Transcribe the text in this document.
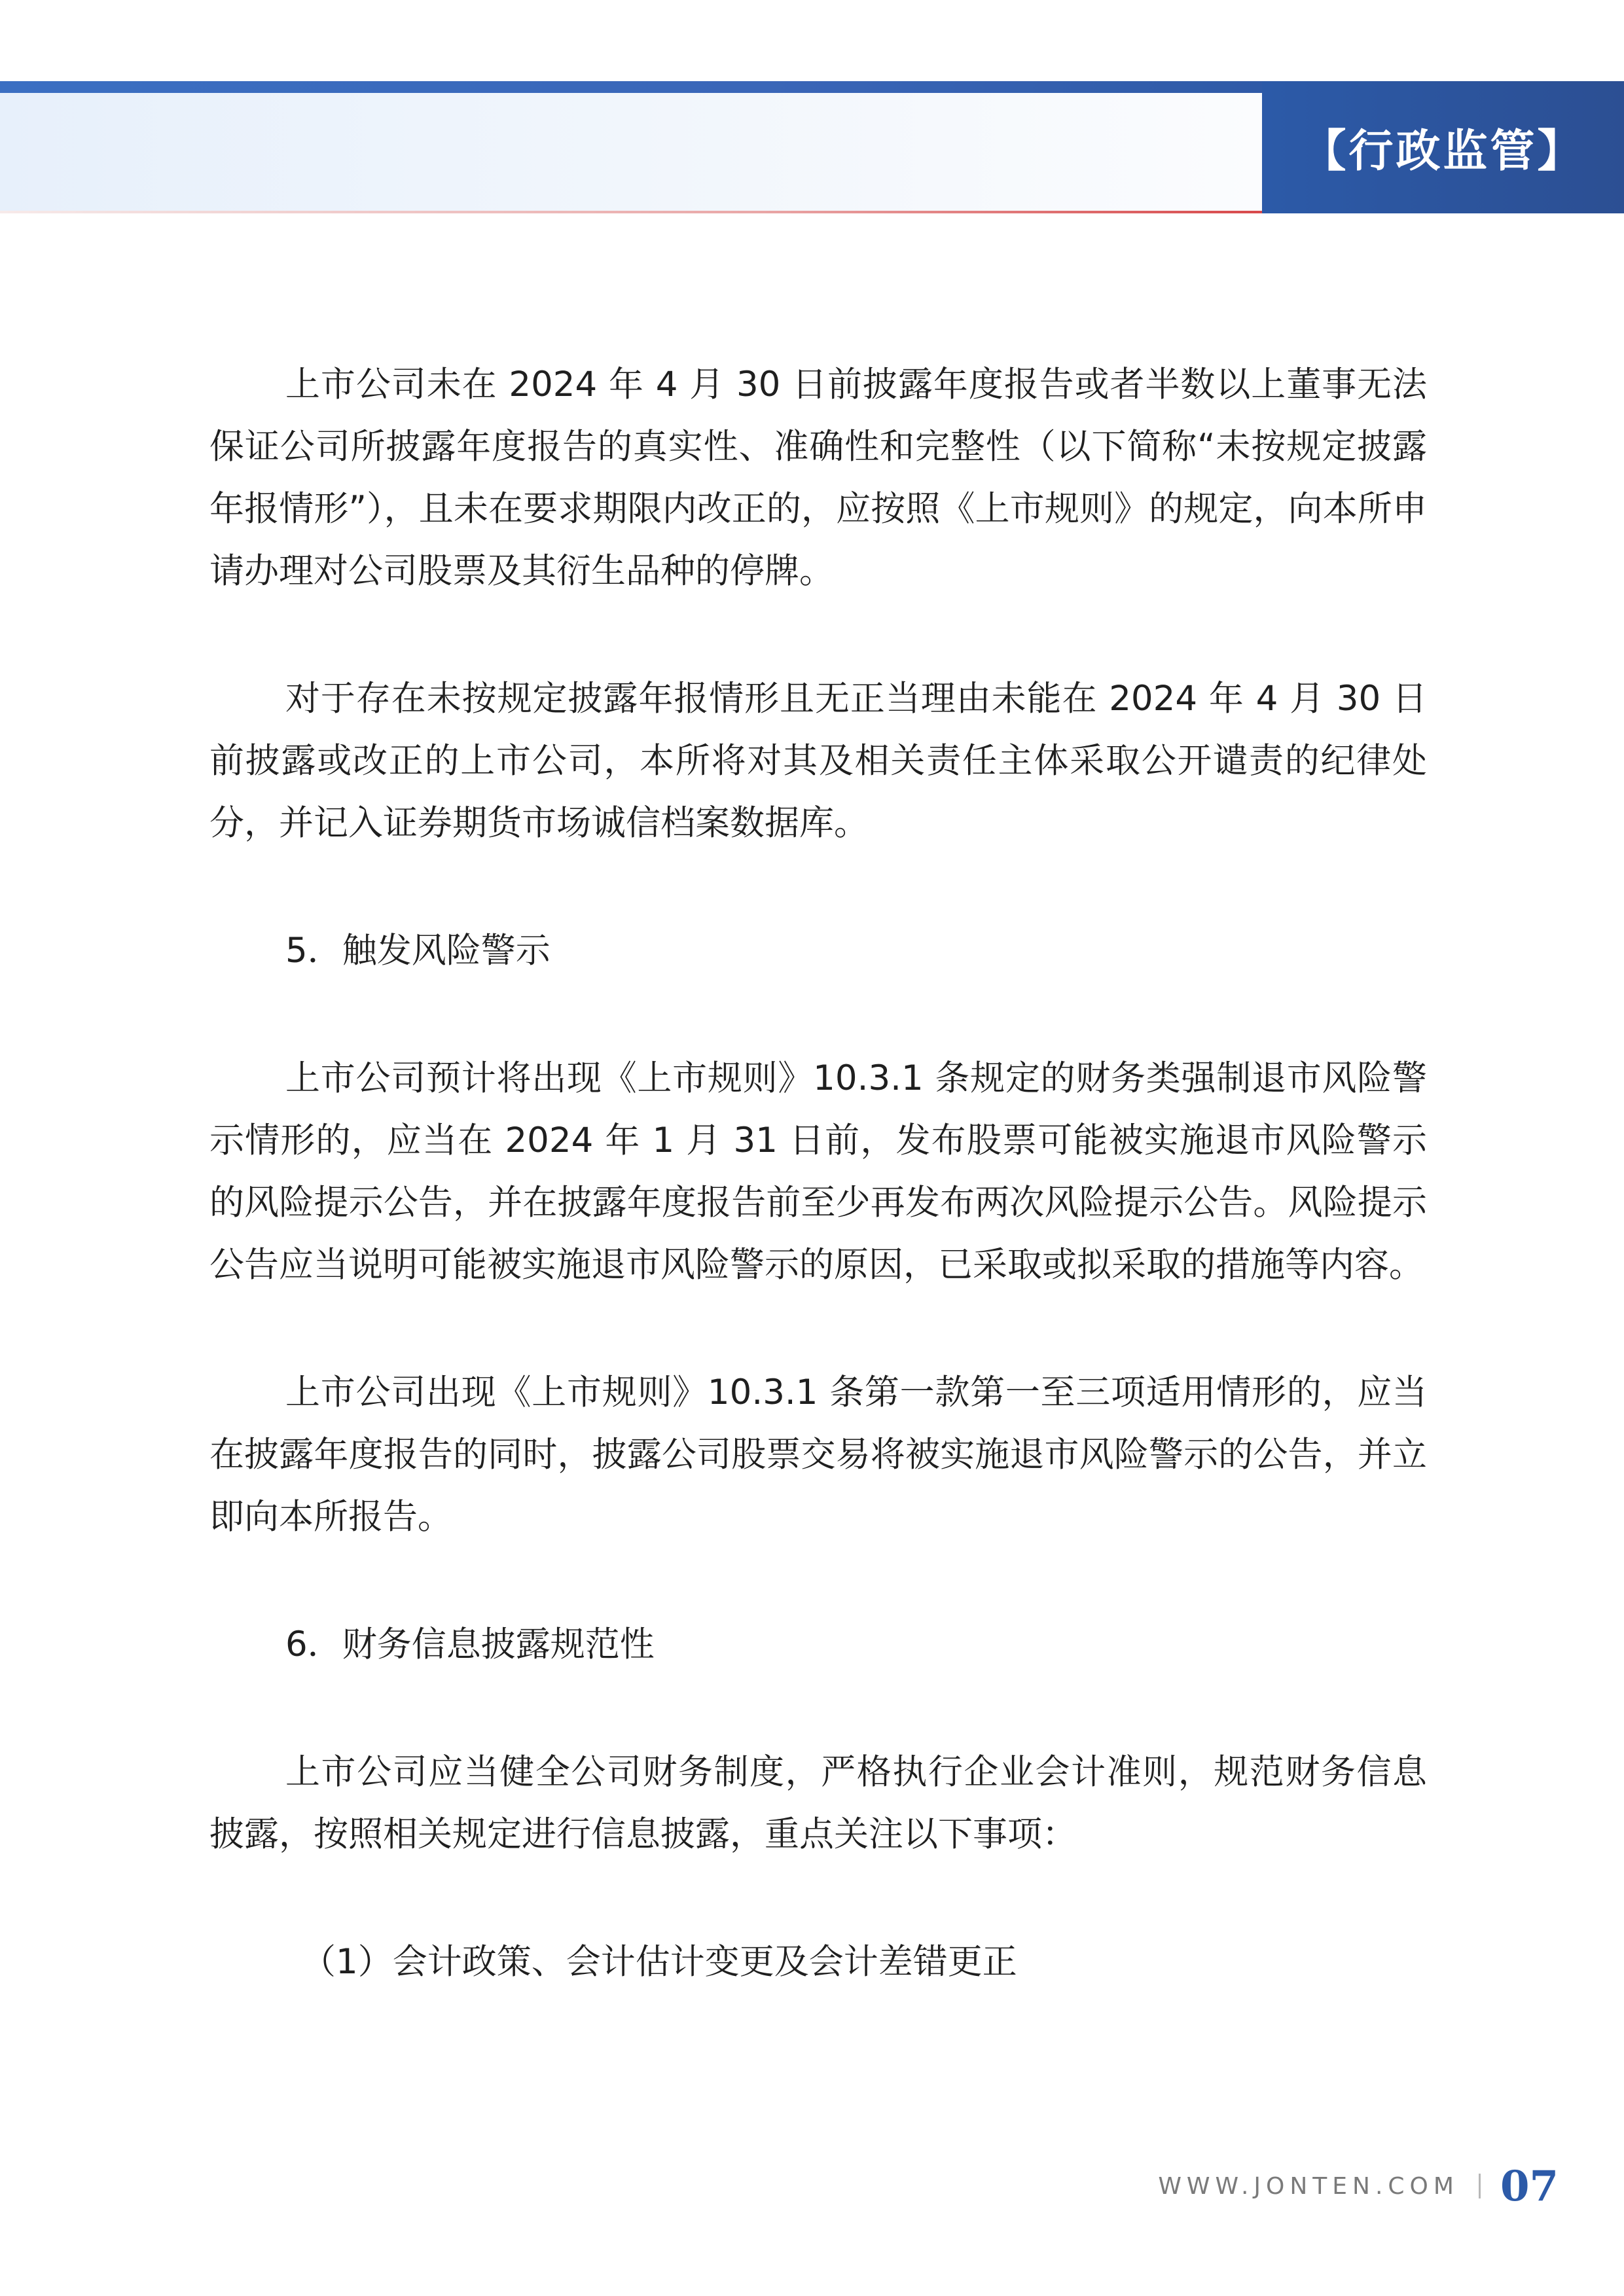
【行政监管】

上市公司未在 2024 年 4 月 30 日前披露年度报告或者半数以上董事无法保证公司所披露年度报告的真实性、准确性和完整性（以下简称“未按规定披露年报情形”），且未在要求期限内改正的，应按照《上市规则》的规定，向本所申请办理对公司股票及其衍生品种的停牌。

对于存在未按规定披露年报情形且无正当理由未能在 2024 年 4 月 30 日前披露或改正的上市公司，本所将对其及相关责任主体采取公开谴责的纪律处分，并记入证券期货市场诚信档案数据库。

5．触发风险警示

上市公司预计将出现《上市规则》10.3.1 条规定的财务类强制退市风险警示情形的，应当在 2024 年 1 月 31 日前，发布股票可能被实施退市风险警示的风险提示公告，并在披露年度报告前至少再发布两次风险提示公告。风险提示公告应当说明可能被实施退市风险警示的原因，已采取或拟采取的措施等内容。

上市公司出现《上市规则》10.3.1 条第一款第一至三项适用情形的，应当在披露年度报告的同时，披露公司股票交易将被实施退市风险警示的公告，并立即向本所报告。

6．财务信息披露规范性

上市公司应当健全公司财务制度，严格执行企业会计准则，规范财务信息披露，按照相关规定进行信息披露，重点关注以下事项：

（1）会计政策、会计估计变更及会计差错更正

WWW.JONTEN.COM 07
